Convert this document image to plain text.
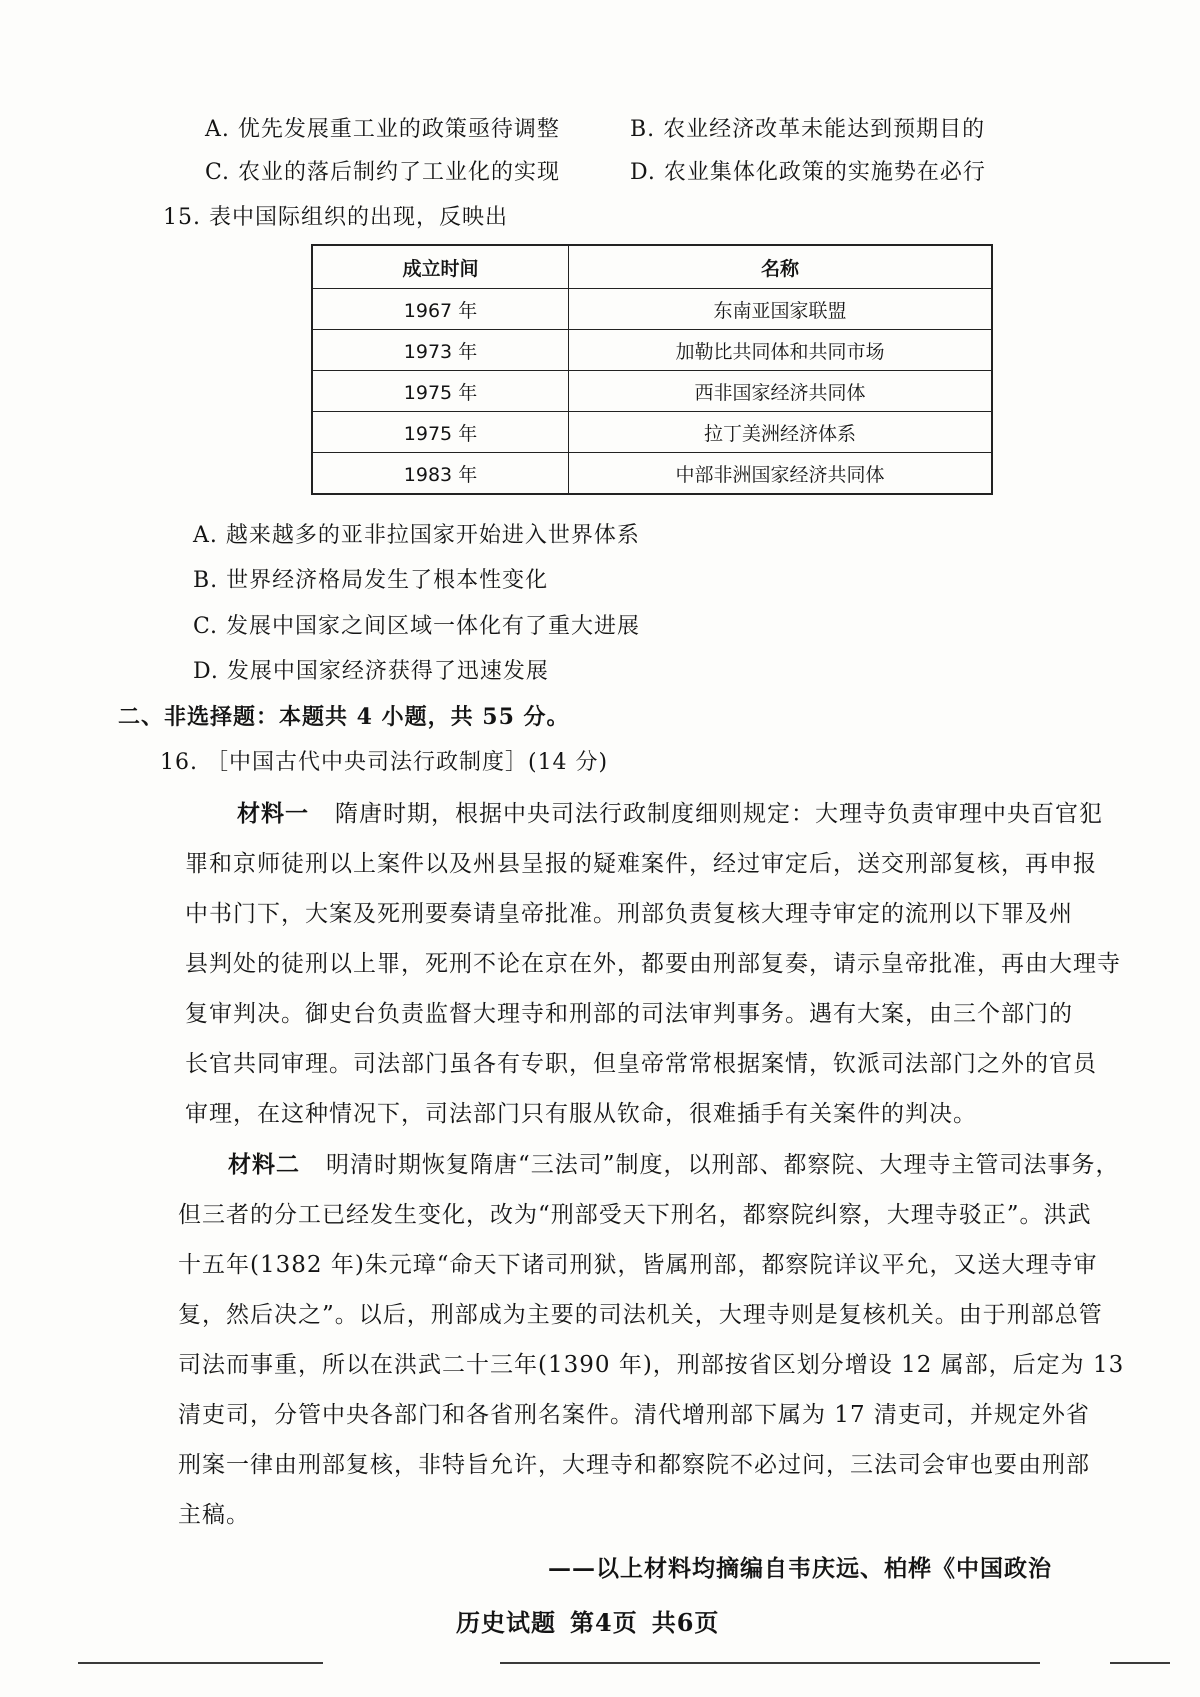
A. 优先发展重工业的政策亟待调整	B. 农业经济改革未能达到预期目的
C. 农业的落后制约了工业化的实现	D. 农业集体化政策的实施势在必行
15. 表中国际组织的出现，反映出
成立时间	名称
1967 年	东南亚国家联盟
1973 年	加勒比共同体和共同市场
1975 年	西非国家经济共同体
1975 年	拉丁美洲经济体系
1983 年	中部非洲国家经济共同体
A. 越来越多的亚非拉国家开始进入世界体系
B. 世界经济格局发生了根本性变化
C. 发展中国家之间区域一体化有了重大进展
D. 发展中国家经济获得了迅速发展
二、非选择题：本题共 4 小题，共 55 分。
16. ［中国古代中央司法行政制度］(14 分)
材料一 隋唐时期，根据中央司法行政制度细则规定：大理寺负责审理中央百官犯
罪和京师徒刑以上案件以及州县呈报的疑难案件，经过审定后，送交刑部复核，再申报
中书门下，大案及死刑要奏请皇帝批准。刑部负责复核大理寺审定的流刑以下罪及州
县判处的徒刑以上罪，死刑不论在京在外，都要由刑部复奏，请示皇帝批准，再由大理寺
复审判决。御史台负责监督大理寺和刑部的司法审判事务。遇有大案，由三个部门的
长官共同审理。司法部门虽各有专职，但皇帝常常根据案情，钦派司法部门之外的官员
审理，在这种情况下，司法部门只有服从钦命，很难插手有关案件的判决。
材料二 明清时期恢复隋唐“三法司”制度，以刑部、都察院、大理寺主管司法事务，
但三者的分工已经发生变化，改为“刑部受天下刑名，都察院纠察，大理寺驳正”。洪武
十五年(1382 年)朱元璋“命天下诸司刑狱，皆属刑部，都察院详议平允，又送大理寺审
复，然后决之”。以后，刑部成为主要的司法机关，大理寺则是复核机关。由于刑部总管
司法而事重，所以在洪武二十三年(1390 年)，刑部按省区划分增设 12 属部，后定为 13
清吏司，分管中央各部门和各省刑名案件。清代增刑部下属为 17 清吏司，并规定外省
刑案一律由刑部复核，非特旨允许，大理寺和都察院不必过问，三法司会审也要由刑部
主稿。
——以上材料均摘编自韦庆远、柏桦《中国政治
历史试题 第4页 共6页
